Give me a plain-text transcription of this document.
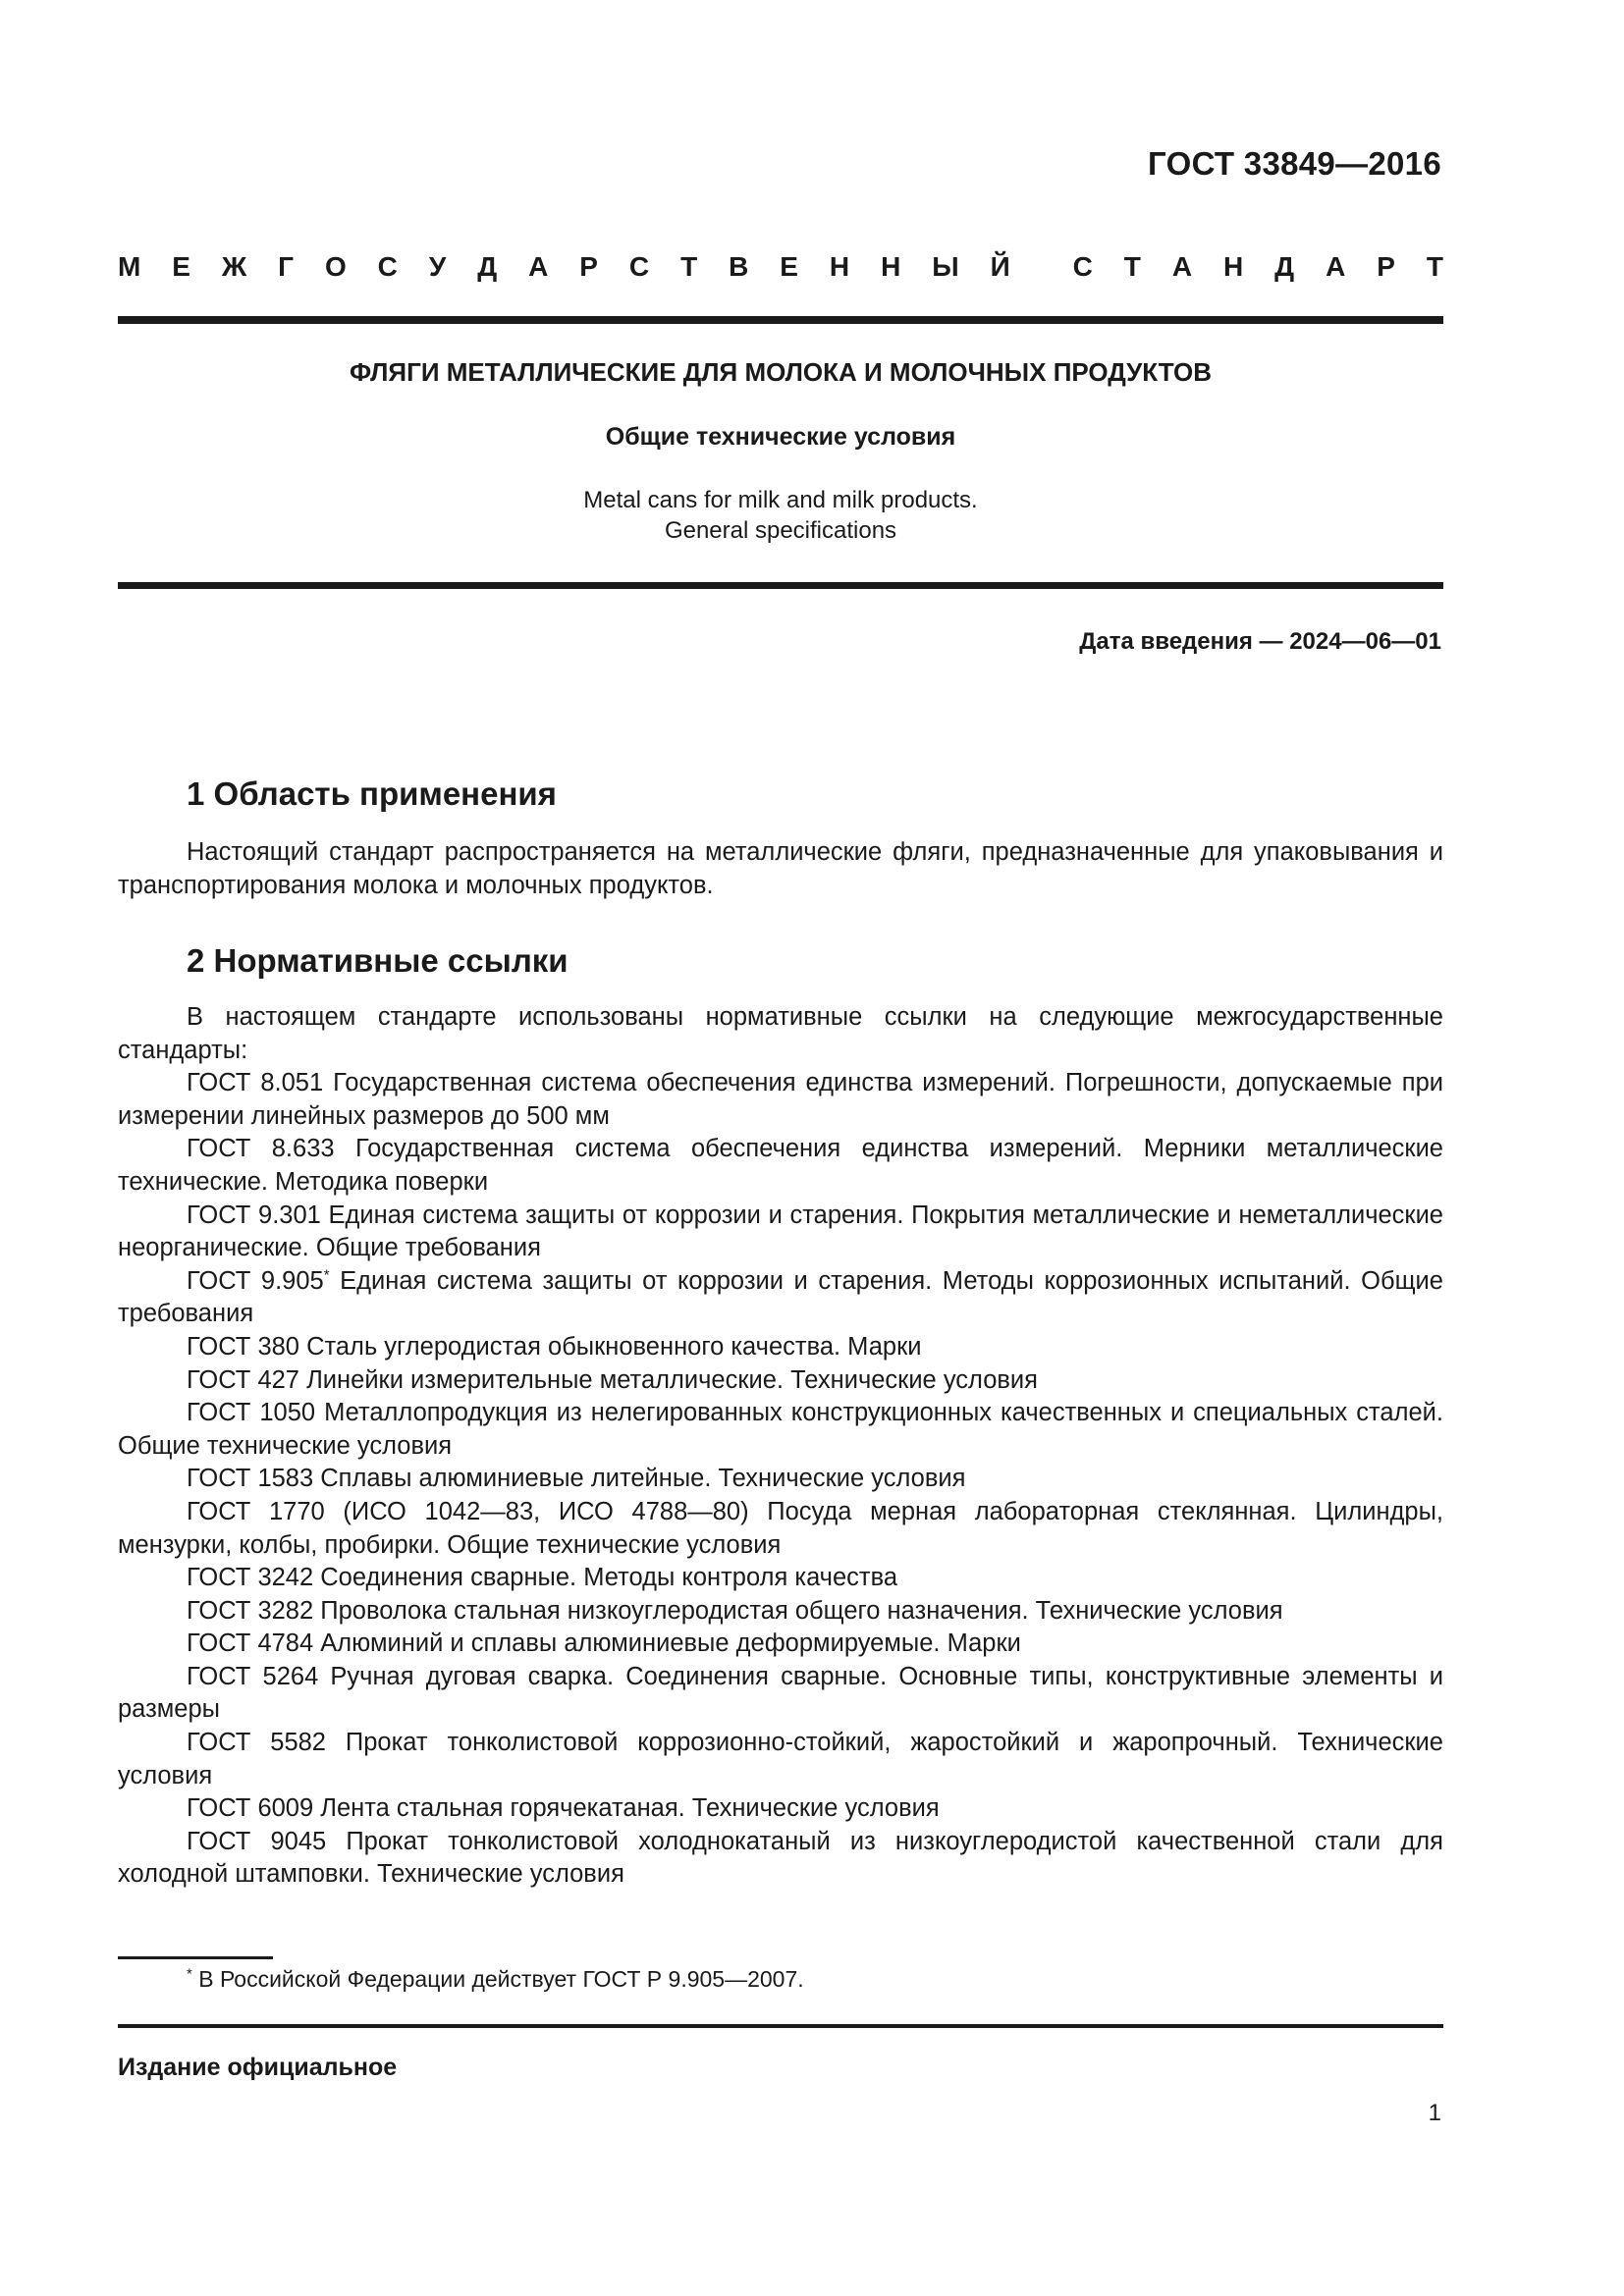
ГОСТ 33849—2016
М Е Ж Г О С У Д А Р С Т В Е Н Н Ы Й С Т А Н Д А Р Т
ФЛЯГИ МЕТАЛЛИЧЕСКИЕ ДЛЯ МОЛОКА И МОЛОЧНЫХ ПРОДУКТОВ
Общие технические условия
Metal cans for milk and milk products.
General specifications
Дата введения — 2024—06—01
1 Область применения

Настоящий стандарт распространяется на металлические фляги, предназначенные для упаковывания и транспортирования молока и молочных продуктов.

2 Нормативные ссылки

В настоящем стандарте использованы нормативные ссылки на следующие межгосударственные стандарты:

ГОСТ 8.051 Государственная система обеспечения единства измерений. Погрешности, допускаемые при измерении линейных размеров до 500 мм

ГОСТ 8.633 Государственная система обеспечения единства измерений. Мерники металлические технические. Методика поверки

ГОСТ 9.301 Единая система защиты от коррозии и старения. Покрытия металлические и неметаллические неорганические. Общие требования

ГОСТ 9.905* Единая система защиты от коррозии и старения. Методы коррозионных испытаний. Общие требования

ГОСТ 380 Сталь углеродистая обыкновенного качества. Марки

ГОСТ 427 Линейки измерительные металлические. Технические условия

ГОСТ 1050 Металлопродукция из нелегированных конструкционных качественных и специальных сталей. Общие технические условия

ГОСТ 1583 Сплавы алюминиевые литейные. Технические условия

ГОСТ 1770 (ИСО 1042—83, ИСО 4788—80) Посуда мерная лабораторная стеклянная. Цилиндры, мензурки, колбы, пробирки. Общие технические условия

ГОСТ 3242 Соединения сварные. Методы контроля качества

ГОСТ 3282 Проволока стальная низкоуглеродистая общего назначения. Технические условия

ГОСТ 4784 Алюминий и сплавы алюминиевые деформируемые. Марки

ГОСТ 5264 Ручная дуговая сварка. Соединения сварные. Основные типы, конструктивные элементы и размеры

ГОСТ 5582 Прокат тонколистовой коррозионно-стойкий, жаростойкий и жаропрочный. Технические условия

ГОСТ 6009 Лента стальная горячекатаная. Технические условия

ГОСТ 9045 Прокат тонколистовой холоднокатаный из низкоуглеродистой качественной стали для холодной штамповки. Технические условия

* В Российской Федерации действует ГОСТ Р 9.905—2007.
Издание официальное
1
